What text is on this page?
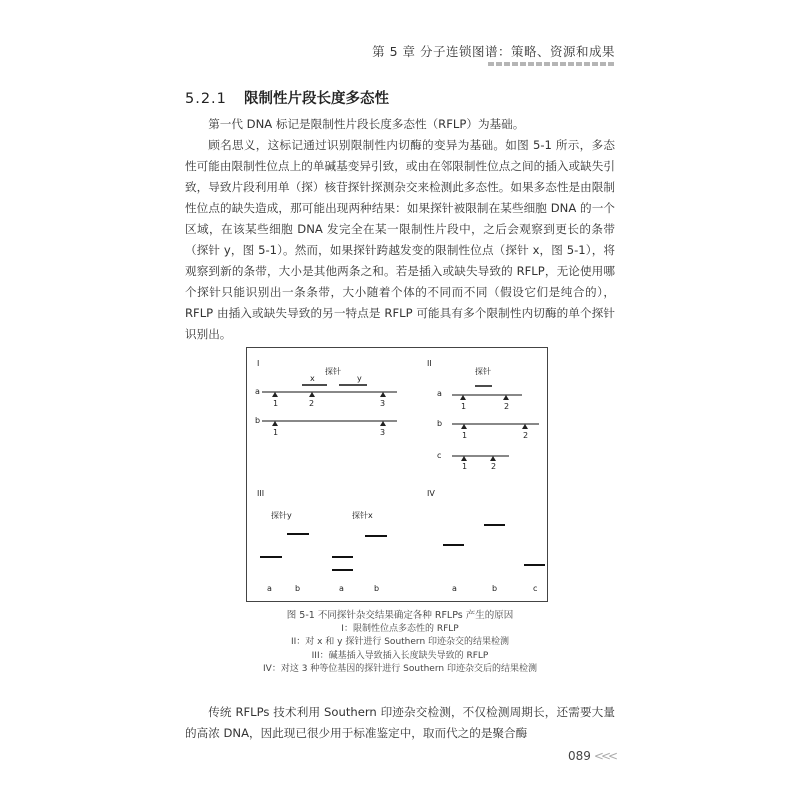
第 5 章 分子连锁图谱：策略、资源和成果
5.2.1 限制性片段长度多态性

第一代 DNA 标记是限制性片段长度多态性（RFLP）为基础。

顾名思义，这标记通过识别限制性内切酶的变异为基础。如图 5-1 所示，多态性可能由限制性位点上的单碱基变异引致，或由在邻限制性位点之间的插入或缺失引致，导致片段利用单（探）核苷探针探测杂交来检测此多态性。如果多态性是由限制性位点的缺失造成，那可能出现两种结果：如果探针被限制在某些细胞 DNA 的一个区域，在该某些细胞 DNA 发完全在某一限制性片段中，之后会观察到更长的条带（探针 y，图 5-1）。然而，如果探针跨越发变的限制性位点（探针 x，图 5-1），将观察到新的条带，大小是其他两条之和。若是插入或缺失导致的 RFLP，无论使用哪个探针只能识别出一条条带，大小随着个体的不同而不同（假设它们是纯合的），RFLP 由插入或缺失导致的另一特点是 RFLP 可能具有多个限制性内切酶的单个探针识别出。

I
探针
x	y
a
1	2	3
b
1	3
II
探针
a
1	2
b
1	2
c
1	2
III
探针y	探针x
a	b	a	b
IV
a	b	c
图 5-1 不同探针杂交结果确定各种 RFLPs 产生的原因
I：限制性位点多态性的 RFLP
II：对 x 和 y 探针进行 Southern 印迹杂交的结果检测
III：碱基插入导致插入长度缺失导致的 RFLP
IV：对这 3 种等位基因的探针进行 Southern 印迹杂交后的结果检测

传统 RFLPs 技术利用 Southern 印迹杂交检测，不仅检测周期长，还需要大量的高浓 DNA，因此现已很少用于标准鉴定中，取而代之的是聚合酶

089 <<<
